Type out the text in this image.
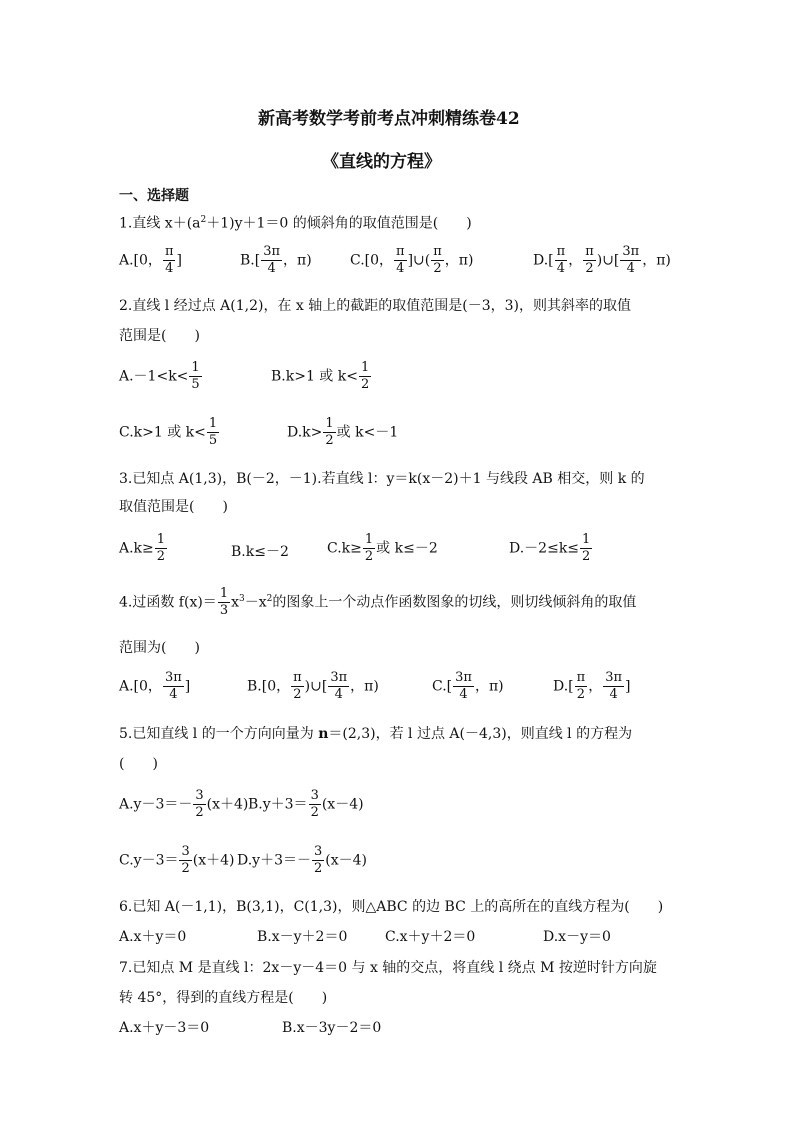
新高考数学考前考点冲刺精练卷42
《直线的方程》
一、选择题
1.直线 $x+(a^2+1)y+1=0$ 的倾斜角的取值范围是(　　)
A.[0， $\frac{\pi}{4}$ ]	$B.[ \frac{3\pi}{4}$ ，π)	C.[0， $\frac{\pi}{4}$ ]∪( $\frac{\pi}{2}$ ，π)	$D.[ \frac{\pi}{4}$ ， $\frac{\pi}{2}$ )∪[ $\frac{3\pi}{4}$ ，π)
2.直线 l 经过点 A(1,2)，在 x 轴上的截距的取值范围是(－3，3)，则其斜率的取值
范围是(　　)
$A.-1<k< \frac{1}{5}$	B.k>1 或 $k< \frac{1}{2}$
C.k>1 或 $k< \frac{1}{5}$	$D.k> \frac{1}{2}$ 或 k<－1
3.已知点 A(1,3)，B(－2，－1).若直线 l：y＝k(x－2)＋1 与线段 AB 相交，则 k 的
取值范围是(　　)
$A.k\ge \frac{1}{2}$	B.k≤－2	$C.k\ge \frac{1}{2}$ 或 k≤－2	$D.-2\le k\le \frac{1}{2}$
4.过函数 $f(x)= \frac{1}{3} x^3-x^2$的图象上一个动点作函数图象的切线，则切线倾斜角的取值
范围为(　　)
A.[0， $\frac{3\pi}{4}$ ]	B.[0， $\frac{\pi}{2}$ )∪[ $\frac{3\pi}{4}$ ，π)	$C.[ \frac{3\pi}{4}$ ，π)	$D.[ \frac{\pi}{2}$ ， $\frac{3\pi}{4}$ ]
5.已知直线 l 的一个方向向量为 n＝(2,3)，若 l 过点 A(－4,3)，则直线 l 的方程为
(　　)
$A.y-3=- \frac{3}{2} (x+4)$ $B.y+3= \frac{3}{2} (x-4)$
$C.y-3= \frac{3}{2} (x+4)$ $D.y+3=- \frac{3}{2} (x-4)$
6.已知 A(－1,1)，B(3,1)，C(1,3)，则△ABC 的边 BC 上的高所在的直线方程为(　　)
A.x＋y＝0	B.x－y＋2＝0	C.x＋y＋2＝0	D.x－y＝0
7.已知点 M 是直线 l：2x－y－4＝0 与 x 轴的交点，将直线 l 绕点 M 按逆时针方向旋
转 45°，得到的直线方程是(　　)
A.x＋y－3＝0	B.x－3y－2＝0
